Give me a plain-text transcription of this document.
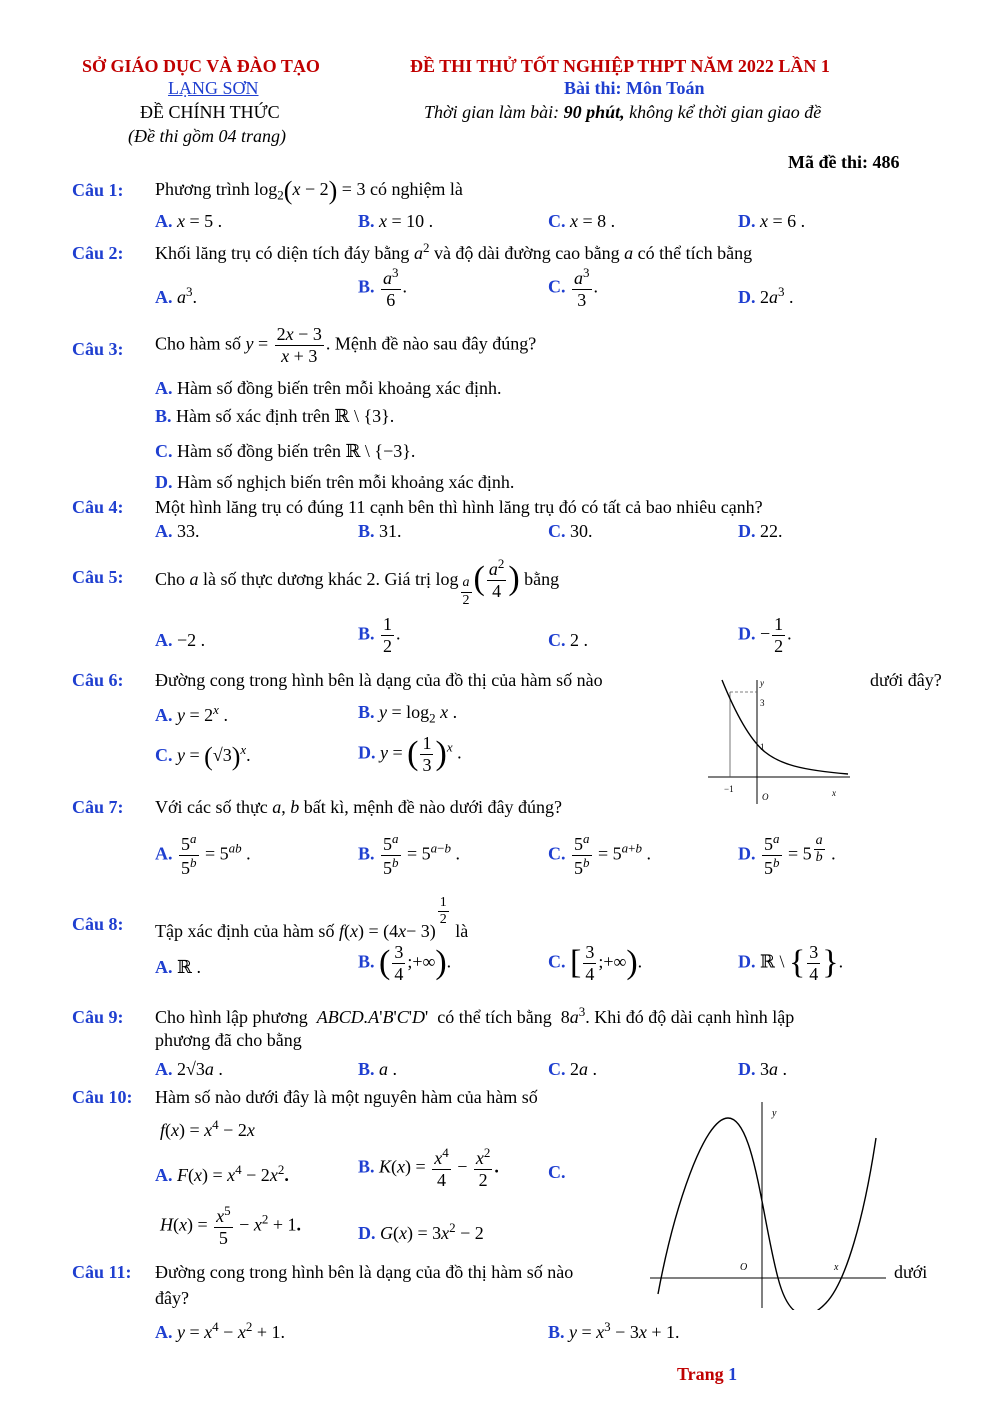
SỞ GIÁO DỤC VÀ ĐÀO TẠO
LẠNG SƠN
ĐỀ CHÍNH THỨC
(Đề thi gồm 04 trang)
ĐỀ THI THỬ TỐT NGHIỆP THPT NĂM 2022 LẦN 1
Bài thi: Môn Toán
Thời gian làm bài: 90 phút, không kể thời gian giao đề
Mã đề thi: 486
Câu 1: Phương trình $\log_2(x - 2) = 3$ có nghiệm là
A. x = 5 .	B. x = 10 .	C. x = 8 .	D. x = 6 .
Câu 2: Khối lăng trụ có diện tích đáy bằng $a^2$ và độ dài đường cao bằng a có thể tích bằng
A. $a^3$.
B. $\frac{a^3}{6}$ .	C. $\frac{a^3}{3}$ .
D. $2a^3$ .
Câu 3: Cho hàm số $y = \frac{2x - 3}{x + 3}$ . Mệnh đề nào sau đây đúng?
A. Hàm số đồng biến trên mỗi khoảng xác định.
B. Hàm số xác định trên ℝ \ {3}.
C. Hàm số đồng biến trên ℝ \ {−3}.
D. Hàm số nghịch biến trên mỗi khoảng xác định.
Câu 4: Một hình lăng trụ có đúng 11 cạnh bên thì hình lăng trụ đó có tất cả bao nhiêu cạnh?
A. 33.	B. 31.	C. 30.	D. 22.
Câu 5: Cho
a
là số thực dương khác 2. Giá trị $\log \frac{a}{2}$ ( $\frac{a^2}{4}$ )
bằng
A. −2 .	B. $\frac{1}{2}$ .	C. 2 .	D. − $\frac{1}{2}$ .
Câu 6: Đường cong trong hình bên là dạng của đồ thị của hàm số nào	dưới đây?
A. $y = 2^x$ .	B. $y = \log_2 x$ .
C. $y = (√3)^x$.	D. y = ( $\frac{1}{3} )^x$ .
y
3
1
−1
O	x
Câu 7: Với các số thực a, b bất kì, mệnh đề nào dưới đây đúng?
A. $\frac{5^a}{5^b} = 5^{ab}$ .	B. $\frac{5^a}{5^b} = 5^{a-b}$ .	C. $\frac{5^a}{5^b} = 5^{a+b}$ .	D. $\frac{5^a}{5^b} = 5$ $^{\frac{a}{b}}$ .
Câu 8: Tập xác định của hàm số
f ( x ) = (4 x − 3)
$\frac{1}{2}$

là
A. ℝ .	B. ( $\frac{3}{4}$ ;+∞).	C. [ $\frac{3}{4}$ ;+∞).	D. ℝ \ { $\frac{3}{4}$ }.
Câu 9: Cho hình lập phương ABCD.A'B'C'D'  có thể tích bằng  $8a^3$. Khi đó độ dài cạnh hình lập
phương đã cho bằng
A. 2√3a .	B. a .	C. 2a .	D. 3a .
Câu 10: Hàm số nào dưới đây là một nguyên hàm của hàm số
$f(x) = x^4 - 2x$
A. $F(x) = x^4 - 2x^2$.	B. $K(x) = \frac{x^4}{4} - \frac{x^2}{2}$ .	C.
$H(x) = \frac{x^5}{5} - x^2 + 1$.	D. $G(x) = 3x^2 - 2$
y
O	x
Câu 11: Đường cong trong hình bên là dạng của đồ thị hàm số nào	dưới
đây?
A. $y = x^4 - x^2 + 1$.	B. $y = x^3 - 3x + 1$.
Trang 1
